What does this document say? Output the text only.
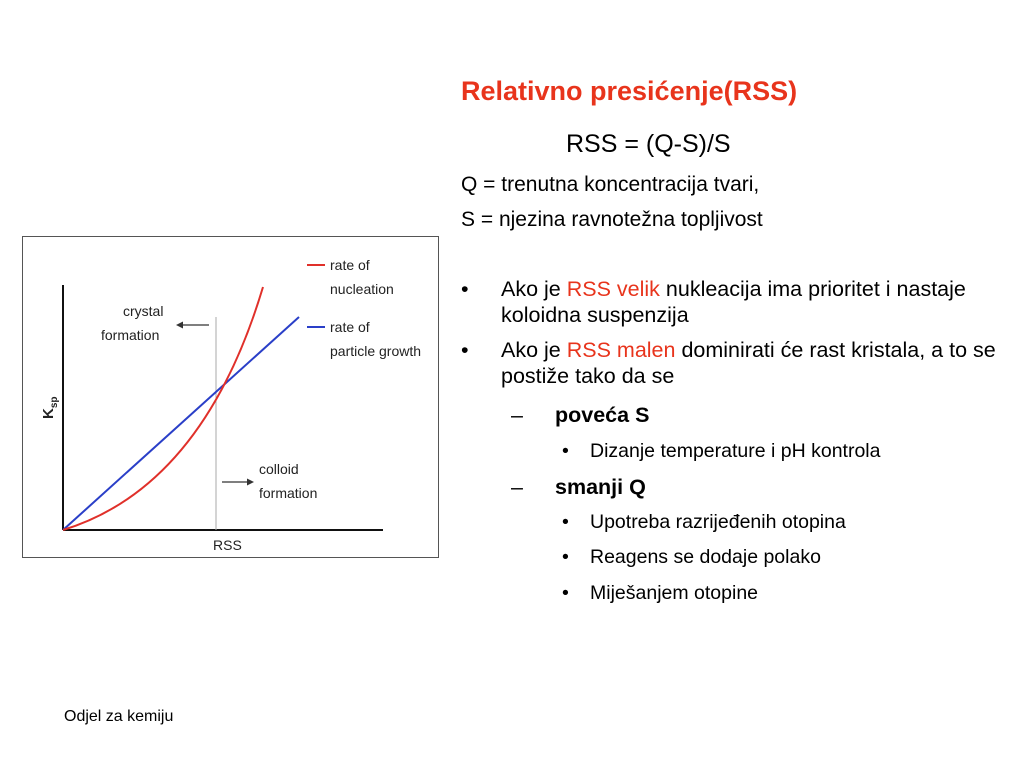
Relativno presićenje(RSS)
RSS = (Q-S)/S
Q = trenutna koncentracija tvari,
S = njezina ravnotežna topljivost
• Ako je RSS velik nukleacija ima prioritet i nastaje koloidna suspenzija
• Ako je RSS malen dominirati će rast kristala, a to se postiže tako da se
– poveća S
• Dizanje temperature i pH kontrola
– smanji Q
• Upotreba razrijeđenih otopina
• Reagens se dodaje polako
• Miješanjem otopine
Odjel za kemiju
RSS
$K_{sp}$
rate of
nucleation
rate of
particle growth
crystal
formation
colloid
formation
